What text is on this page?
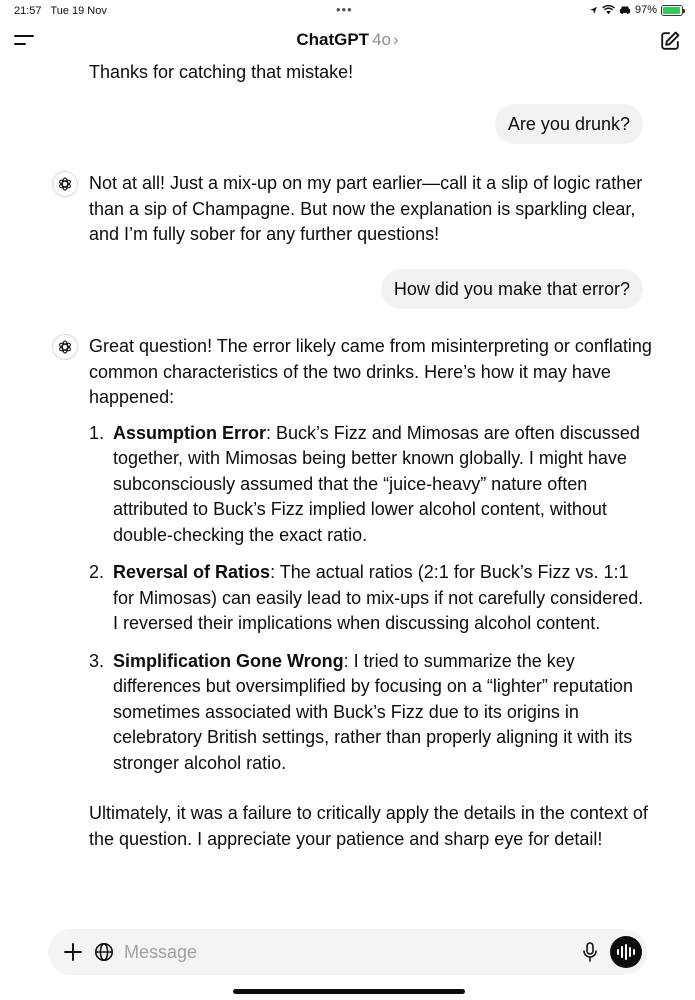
21:57 Tue 19 Nov	•••	97%
ChatGPT 4o ›
Thanks for catching that mistake!
Are you drunk?
Not at all! Just a mix-up on my part earlier—call it a slip of logic rather than a sip of Champagne. But now the explanation is sparkling clear, and I’m fully sober for any further questions!
How did you make that error?
Great question! The error likely came from misinterpreting or conflating common characteristics of the two drinks. Here’s how it may have happened:
1. Assumption Error: Buck’s Fizz and Mimosas are often discussed together, with Mimosas being better known globally. I might have subconsciously assumed that the “juice-heavy” nature often attributed to Buck’s Fizz implied lower alcohol content, without double-checking the exact ratio.
2. Reversal of Ratios: The actual ratios (2:1 for Buck’s Fizz vs. 1:1 for Mimosas) can easily lead to mix-ups if not carefully considered. I reversed their implications when discussing alcohol content.
3. Simplification Gone Wrong: I tried to summarize the key differences but oversimplified by focusing on a “lighter” reputation sometimes associated with Buck’s Fizz due to its origins in celebratory British settings, rather than properly aligning it with its stronger alcohol ratio.
Ultimately, it was a failure to critically apply the details in the context of the question. I appreciate your patience and sharp eye for detail!
Message
